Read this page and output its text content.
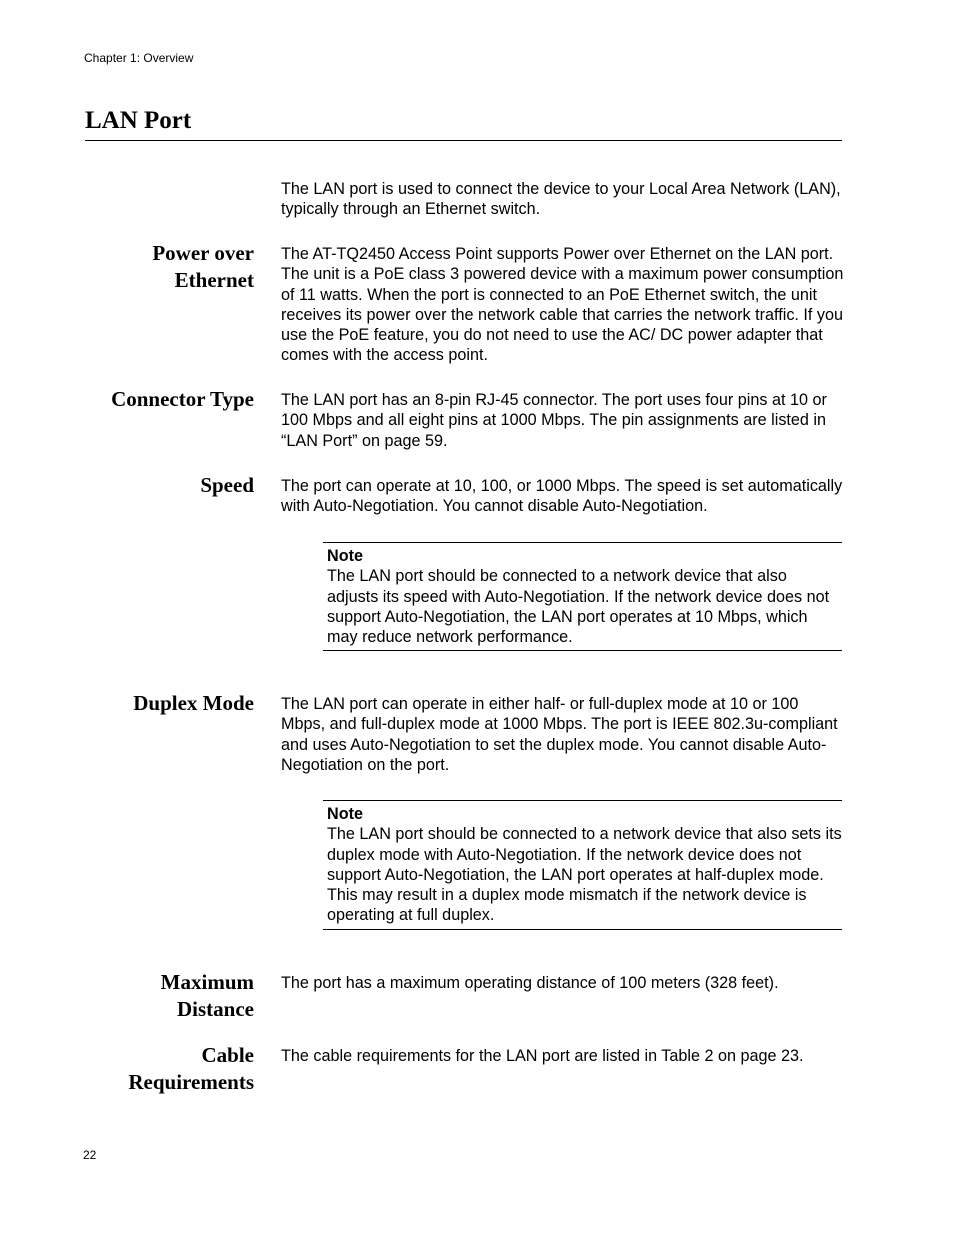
Chapter 1: Overview
LAN Port
The LAN port is used to connect the device to your Local Area Network (LAN), typically through an Ethernet switch.
Power over
Ethernet
The AT-TQ2450 Access Point supports Power over Ethernet on the LAN port. The unit is a PoE class 3 powered device with a maximum power consumption of 11 watts. When the port is connected to an PoE Ethernet switch, the unit receives its power over the network cable that carries the network traffic. If you use the PoE feature, you do not need to use the AC/ DC power adapter that comes with the access point.
Connector Type The LAN port has an 8-pin RJ-45 connector. The port uses four pins at 10 or 100 Mbps and all eight pins at 1000 Mbps. The pin assignments are listed in “LAN Port” on page 59.
Speed The port can operate at 10, 100, or 1000 Mbps. The speed is set automatically with Auto-Negotiation. You cannot disable Auto-Negotiation.
Note
The LAN port should be connected to a network device that also adjusts its speed with Auto-Negotiation. If the network device does not support Auto-Negotiation, the LAN port operates at 10 Mbps, which may reduce network performance.
Duplex Mode The LAN port can operate in either half- or full-duplex mode at 10 or 100 Mbps, and full-duplex mode at 1000 Mbps. The port is IEEE 802.3u-compliant and uses Auto-Negotiation to set the duplex mode. You cannot disable Auto-Negotiation on the port.
Note
The LAN port should be connected to a network device that also sets its duplex mode with Auto-Negotiation. If the network device does not support Auto-Negotiation, the LAN port operates at half-duplex mode. This may result in a duplex mode mismatch if the network device is operating at full duplex.
Maximum
Distance
The port has a maximum operating distance of 100 meters (328 feet).
Cable
Requirements
The cable requirements for the LAN port are listed in Table 2 on page 23.
22
